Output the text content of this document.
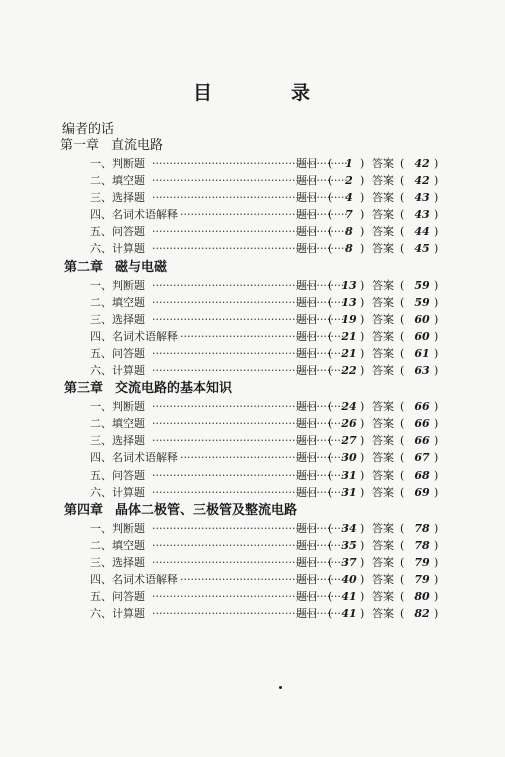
目　录
编者的话
第一章 直流电路
·····
一、判断题	题目 (	1 ) 答案 ( 42 )
·····
二、填空题	题目 (	2 ) 答案 ( 42 )
·····
三、选择题	题目 (	4 ) 答案 ( 43 )
·····
四、名词术语解释	题目 (	7 ) 答案 ( 43 )
·····
五、问答题	题目 (	8 ) 答案 ( 44 )
·····
六、计算题	题目 (	8 ) 答案 ( 45 )
第二章 磁与电磁
·····
一、判断题	题目 ( 13 ) 答案 ( 59 )
·····
二、填空题	题目 ( 13 ) 答案 ( 59 )
·····
三、选择题	题目 ( 19 ) 答案 ( 60 )
·····
四、名词术语解释	题目 ( 21 ) 答案 ( 60 )
·····
五、问答题	题目 ( 21 ) 答案 ( 61 )
·····
六、计算题	题目 ( 22 ) 答案 ( 63 )
第三章 交流电路的基本知识
·····
一、判断题	题目 ( 24 ) 答案 ( 66 )
·····
二、填空题	题目 ( 26 ) 答案 ( 66 )
·····
三、选择题	题目 ( 27 ) 答案 ( 66 )
·····
四、名词术语解释	题目 ( 30 ) 答案 ( 67 )
·····
五、问答题	题目 ( 31 ) 答案 ( 68 )
·····
六、计算题	题目 ( 31 ) 答案 ( 69 )
第四章 晶体二极管、三极管及整流电路
·····
一、判断题	题目 ( 34 ) 答案 ( 78 )
·····
二、填空题	题目 ( 35 ) 答案 ( 78 )
·····
三、选择题	题目 ( 37 ) 答案 ( 79 )
·····
四、名词术语解释	题目 ( 40 ) 答案 ( 79 )
·····
五、问答题	题目 ( 41 ) 答案 ( 80 )
·····
六、计算题	题目 ( 41 ) 答案 ( 82 )
